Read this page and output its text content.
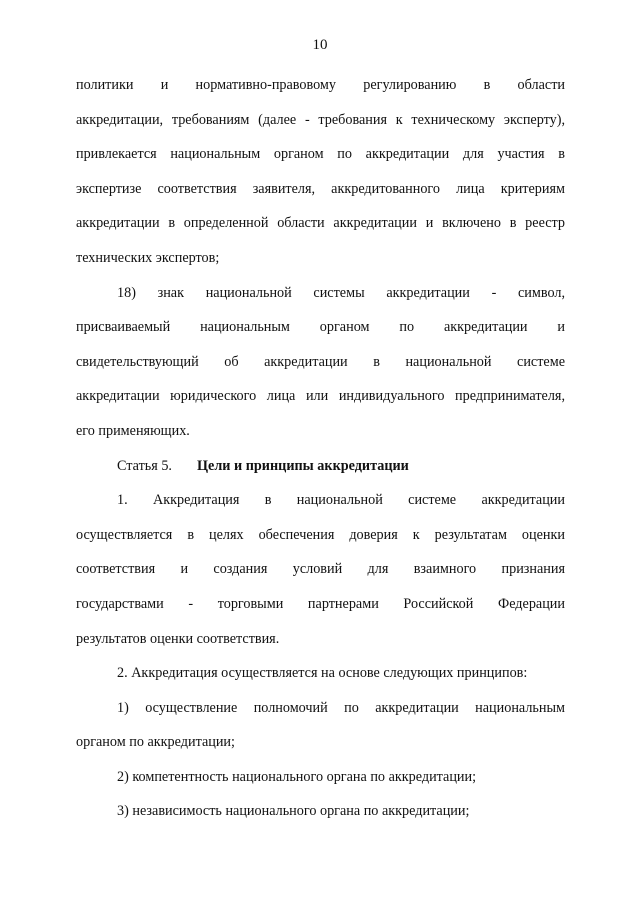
10
политики и нормативно-правовому регулированию в области
аккредитации, требованиям (далее - требования к техническому эксперту),
привлекается национальным органом по аккредитации для участия в
экспертизе соответствия заявителя, аккредитованного лица критериям
аккредитации в определенной области аккредитации и включено в реестр
технических экспертов;
18) знак национальной системы аккредитации - символ,
присваиваемый национальным органом по аккредитации и
свидетельствующий об аккредитации в национальной системе
аккредитации юридического лица или индивидуального предпринимателя,
его применяющих.
Статья 5. Цели и принципы аккредитации
1. Аккредитация в национальной системе аккредитации
осуществляется в целях обеспечения доверия к результатам оценки
соответствия и создания условий для взаимного признания
государствами - торговыми партнерами Российской Федерации
результатов оценки соответствия.
2. Аккредитация осуществляется на основе следующих принципов:
1) осуществление полномочий по аккредитации национальным
органом по аккредитации;
2) компетентность национального органа по аккредитации;
3) независимость национального органа по аккредитации;
